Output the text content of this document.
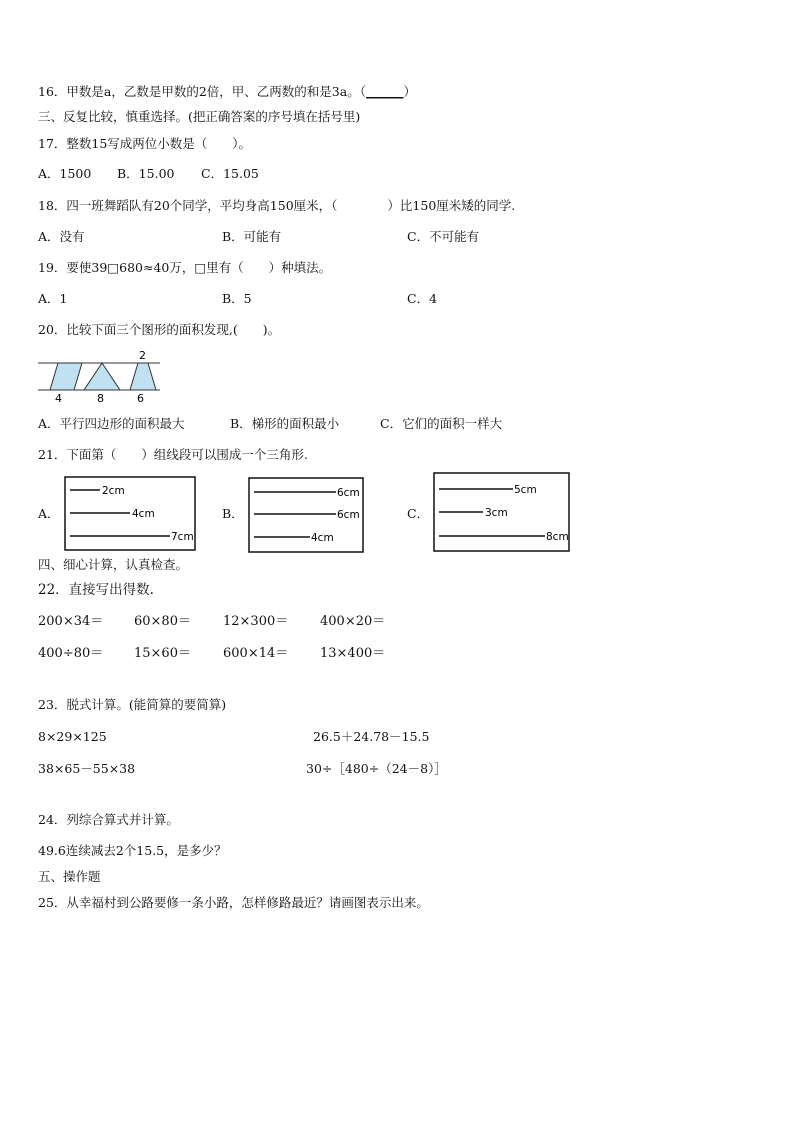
16．甲数是a，乙数是甲数的2倍，甲、乙两数的和是3a。（______）
三、反复比较，慎重选择。(把正确答案的序号填在括号里)
17．整数15写成两位小数是（　　）。
A．1500 B．15.00 C．15.05
18．四一班舞蹈队有20个同学，平均身高150厘米，（　　　　）比150厘米矮的同学.
A．没有	B．可能有	C．不可能有
19．要使39□680≈40万，□里有（　　）种填法。
A．1	B．5	C．4
20．比较下面三个图形的面积发现,(　　)。
4	8	6
2
A．平行四边形的面积最大	B．梯形的面积最小	C．它们的面积一样大
21．下面第（　　）组线段可以围成一个三角形.
A．
2cm
4cm
7cm
B．
6cm
6cm
4cm
C．
5cm
3cm
8cm
四、细心计算，认真检查。
22．直接写出得数.
200×34＝ 60×80＝ 12×300＝ 400×20＝
400÷80＝ 15×60＝ 600×14＝ 13×400＝
23．脱式计算。(能简算的要简算)
8×29×125	26.5＋24.78－15.5
38×65－55×38	30÷［480÷（24－8）］
24．列综合算式并计算。
49.6连续减去2个15.5，是多少？
五、操作题
25．从幸福村到公路要修一条小路，怎样修路最近？请画图表示出来。
